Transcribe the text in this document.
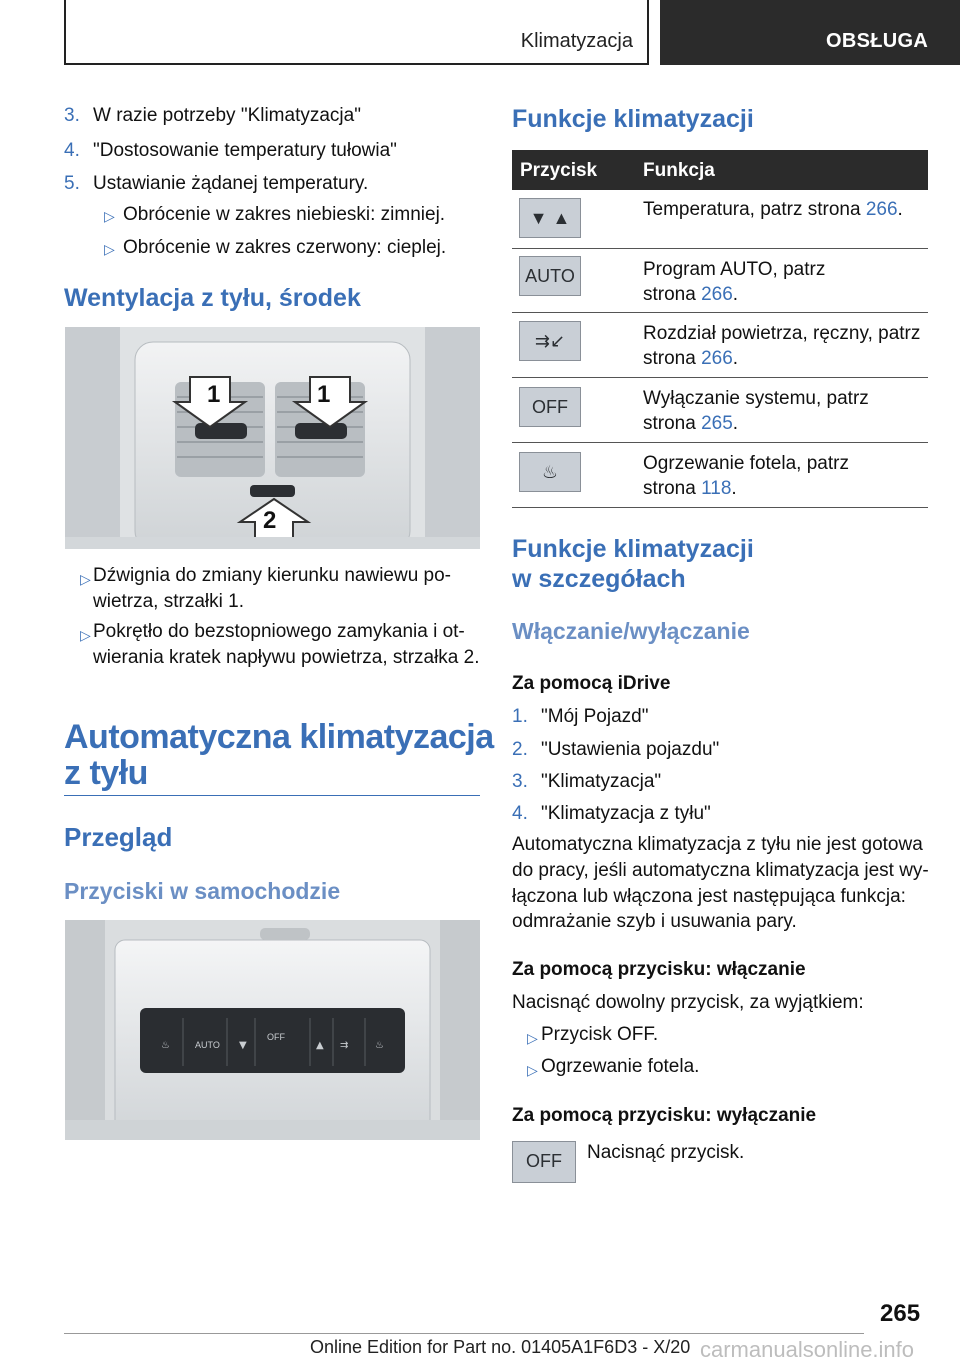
Klimatyzacja	OBSŁUGA
3. W razie potrzeby "Klimatyzacja"
4. "Dostosowanie temperatury tułowia"
5. Ustawianie żądanej temperatury.
▷ Obrócenie w zakres niebieski: zimniej.
▷ Obrócenie w zakres czerwony: cieplej.
Wentylacja z tyłu, środek
1	1
2
▷ Dźwignia do zmiany kierunku nawiewu po-
wietrza, strzałki 1.
▷ Pokrętło do bezstopniowego zamykania i ot-
wierania kratek napływu powietrza, strzałka 2.
Automatyczna klimatyzacja
z tyłu
Przegląd
Przyciski w samochodzie
♨	▼	▲ ⇉	♨
AUTO
OFF
Funkcje klimatyzacji
Przycisk Funkcja
▼ ▲	Temperatura, patrz strona 266.
AUTO	Program AUTO, patrz
strona 266.
⇉↙	Rozdział powietrza, ręczny, patrz
strona 266.
OFF	Wyłączanie systemu, patrz
strona 265.
♨	Ogrzewanie fotela, patrz
strona 118.
Funkcje klimatyzacji
w szczegółach
Włączanie/wyłączanie
Za pomocą iDrive
1. "Mój Pojazd"
2. "Ustawienia pojazdu"
3. "Klimatyzacja"
4. "Klimatyzacja z tyłu"
Automatyczna klimatyzacja z tyłu nie jest gotowa
do pracy, jeśli automatyczna klimatyzacja jest wy-
łączona lub włączona jest następująca funkcja:
odmrażanie szyb i usuwania pary.
Za pomocą przycisku: włączanie
Nacisnąć dowolny przycisk, za wyjątkiem:
▷ Przycisk OFF.
▷ Ogrzewanie fotela.
Za pomocą przycisku: wyłączanie
OFF	Nacisnąć przycisk.
265
Online Edition for Part no. 01405A1F6D3 - X/20 carmanualsonline.info
